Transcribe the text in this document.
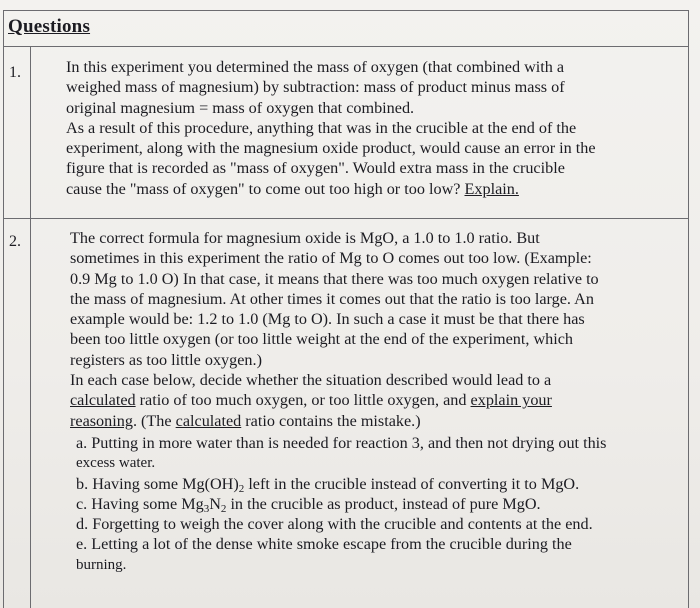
Questions
1.	In this experiment you determined the mass of oxygen (that combined with a
weighed mass of magnesium) by subtraction: mass of product minus mass of
original magnesium = mass of oxygen that combined.
As a result of this procedure, anything that was in the crucible at the end of the
experiment, along with the magnesium oxide product, would cause an error in the
figure that is recorded as "mass of oxygen". Would extra mass in the crucible
cause the "mass of oxygen" to come out too high or too low? Explain.
2.	The correct formula for magnesium oxide is MgO, a 1.0 to 1.0 ratio. But
sometimes in this experiment the ratio of Mg to O comes out too low. (Example:
0.9 Mg to 1.0 O) In that case, it means that there was too much oxygen relative to
the mass of magnesium. At other times it comes out that the ratio is too large. An
example would be: 1.2 to 1.0 (Mg to O). In such a case it must be that there has
been too little oxygen (or too little weight at the end of the experiment, which
registers as too little oxygen.)
In each case below, decide whether the situation described would lead to a
calculated ratio of too much oxygen, or too little oxygen, and explain your
reasoning. (The calculated ratio contains the mistake.)
a. Putting in more water than is needed for reaction 3, and then not drying out this
excess water.
b. Having some $Mg(OH)_2$ left in the crucible instead of converting it to MgO.
c. Having some $Mg_3N_2$ in the crucible as product, instead of pure MgO.
d. Forgetting to weigh the cover along with the crucible and contents at the end.
e. Letting a lot of the dense white smoke escape from the crucible during the
burning.
